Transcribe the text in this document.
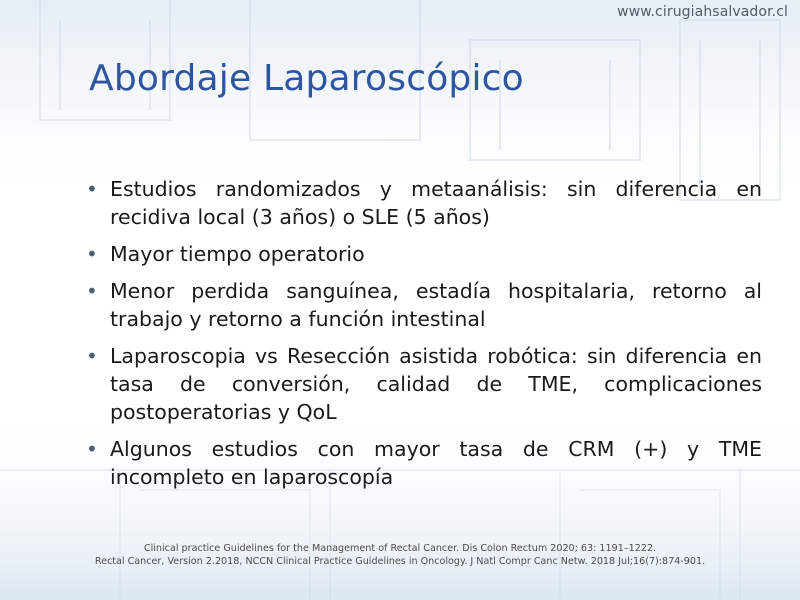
www.cirugiahsalvador.cl
Abordaje Laparoscópico
• Estudios randomizados y metaanálisis: sin diferencia en recidiva local (3 años) o SLE (5 años)
• Mayor tiempo operatorio
• Menor perdida sanguínea, estadía hospitalaria, retorno al trabajo y retorno a función intestinal
• Laparoscopia vs Resección asistida robótica: sin diferencia en tasa de conversión, calidad de TME, complicaciones postoperatorias y QoL
• Algunos estudios con mayor tasa de CRM (+) y TME incompleto en laparoscopía
Clinical practice Guidelines for the Management of Rectal Cancer. Dis Colon Rectum 2020; 63: 1191–1222.
Rectal Cancer, Version 2.2018, NCCN Clinical Practice Guidelines in Oncology. J Natl Compr Canc Netw. 2018 Jul;16(7):874-901.
